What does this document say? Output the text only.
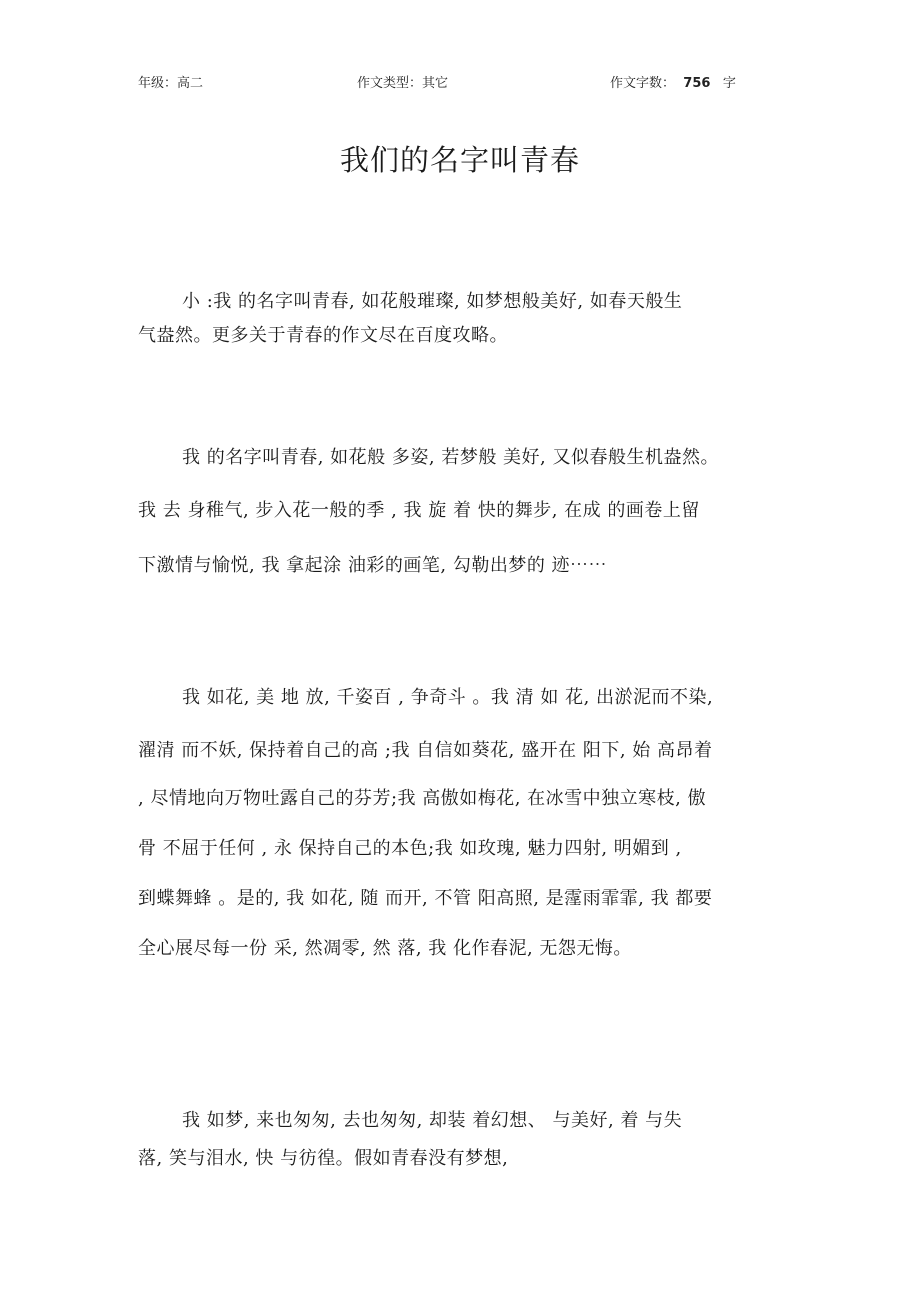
年级：高二	作文类型：其它	作文字数： 756 字
我们的名字叫青春
小 :我 的名字叫青春, 如花般璀璨, 如梦想般美好, 如春天般生
气盎然。更多关于青春的作文尽在百度攻略。
我 的名字叫青春, 如花般 多姿, 若梦般 美好, 又似春般生机盎然。
我 去 身稚气, 步入花一般的季 , 我 旋 着 快的舞步, 在成 的画卷上留
下激情与愉悦, 我 拿起涂 油彩的画笔, 勾勒出梦的 迹⋯⋯
我 如花, 美 地 放, 千姿百 , 争奇斗 。我 清 如 花, 出淤泥而不染,
濯清 而不妖, 保持着自己的高 ;我 自信如葵花, 盛开在 阳下, 始 高昂着
, 尽情地向万物吐露自己的芬芳;我 高傲如梅花, 在冰雪中独立寒枝, 傲
骨 不屈于任何 , 永 保持自己的本色;我 如玫瑰, 魅力四射, 明媚到 ,
到蝶舞蜂 。是的, 我 如花, 随 而开, 不管 阳高照, 是霪雨霏霏, 我 都要
全心展尽每一份 采, 然凋零, 然 落, 我 化作春泥, 无怨无悔。
我 如梦, 来也匆匆, 去也匆匆, 却装 着幻想、 与美好, 着 与失
落, 笑与泪水, 快 与彷徨。假如青春没有梦想,
